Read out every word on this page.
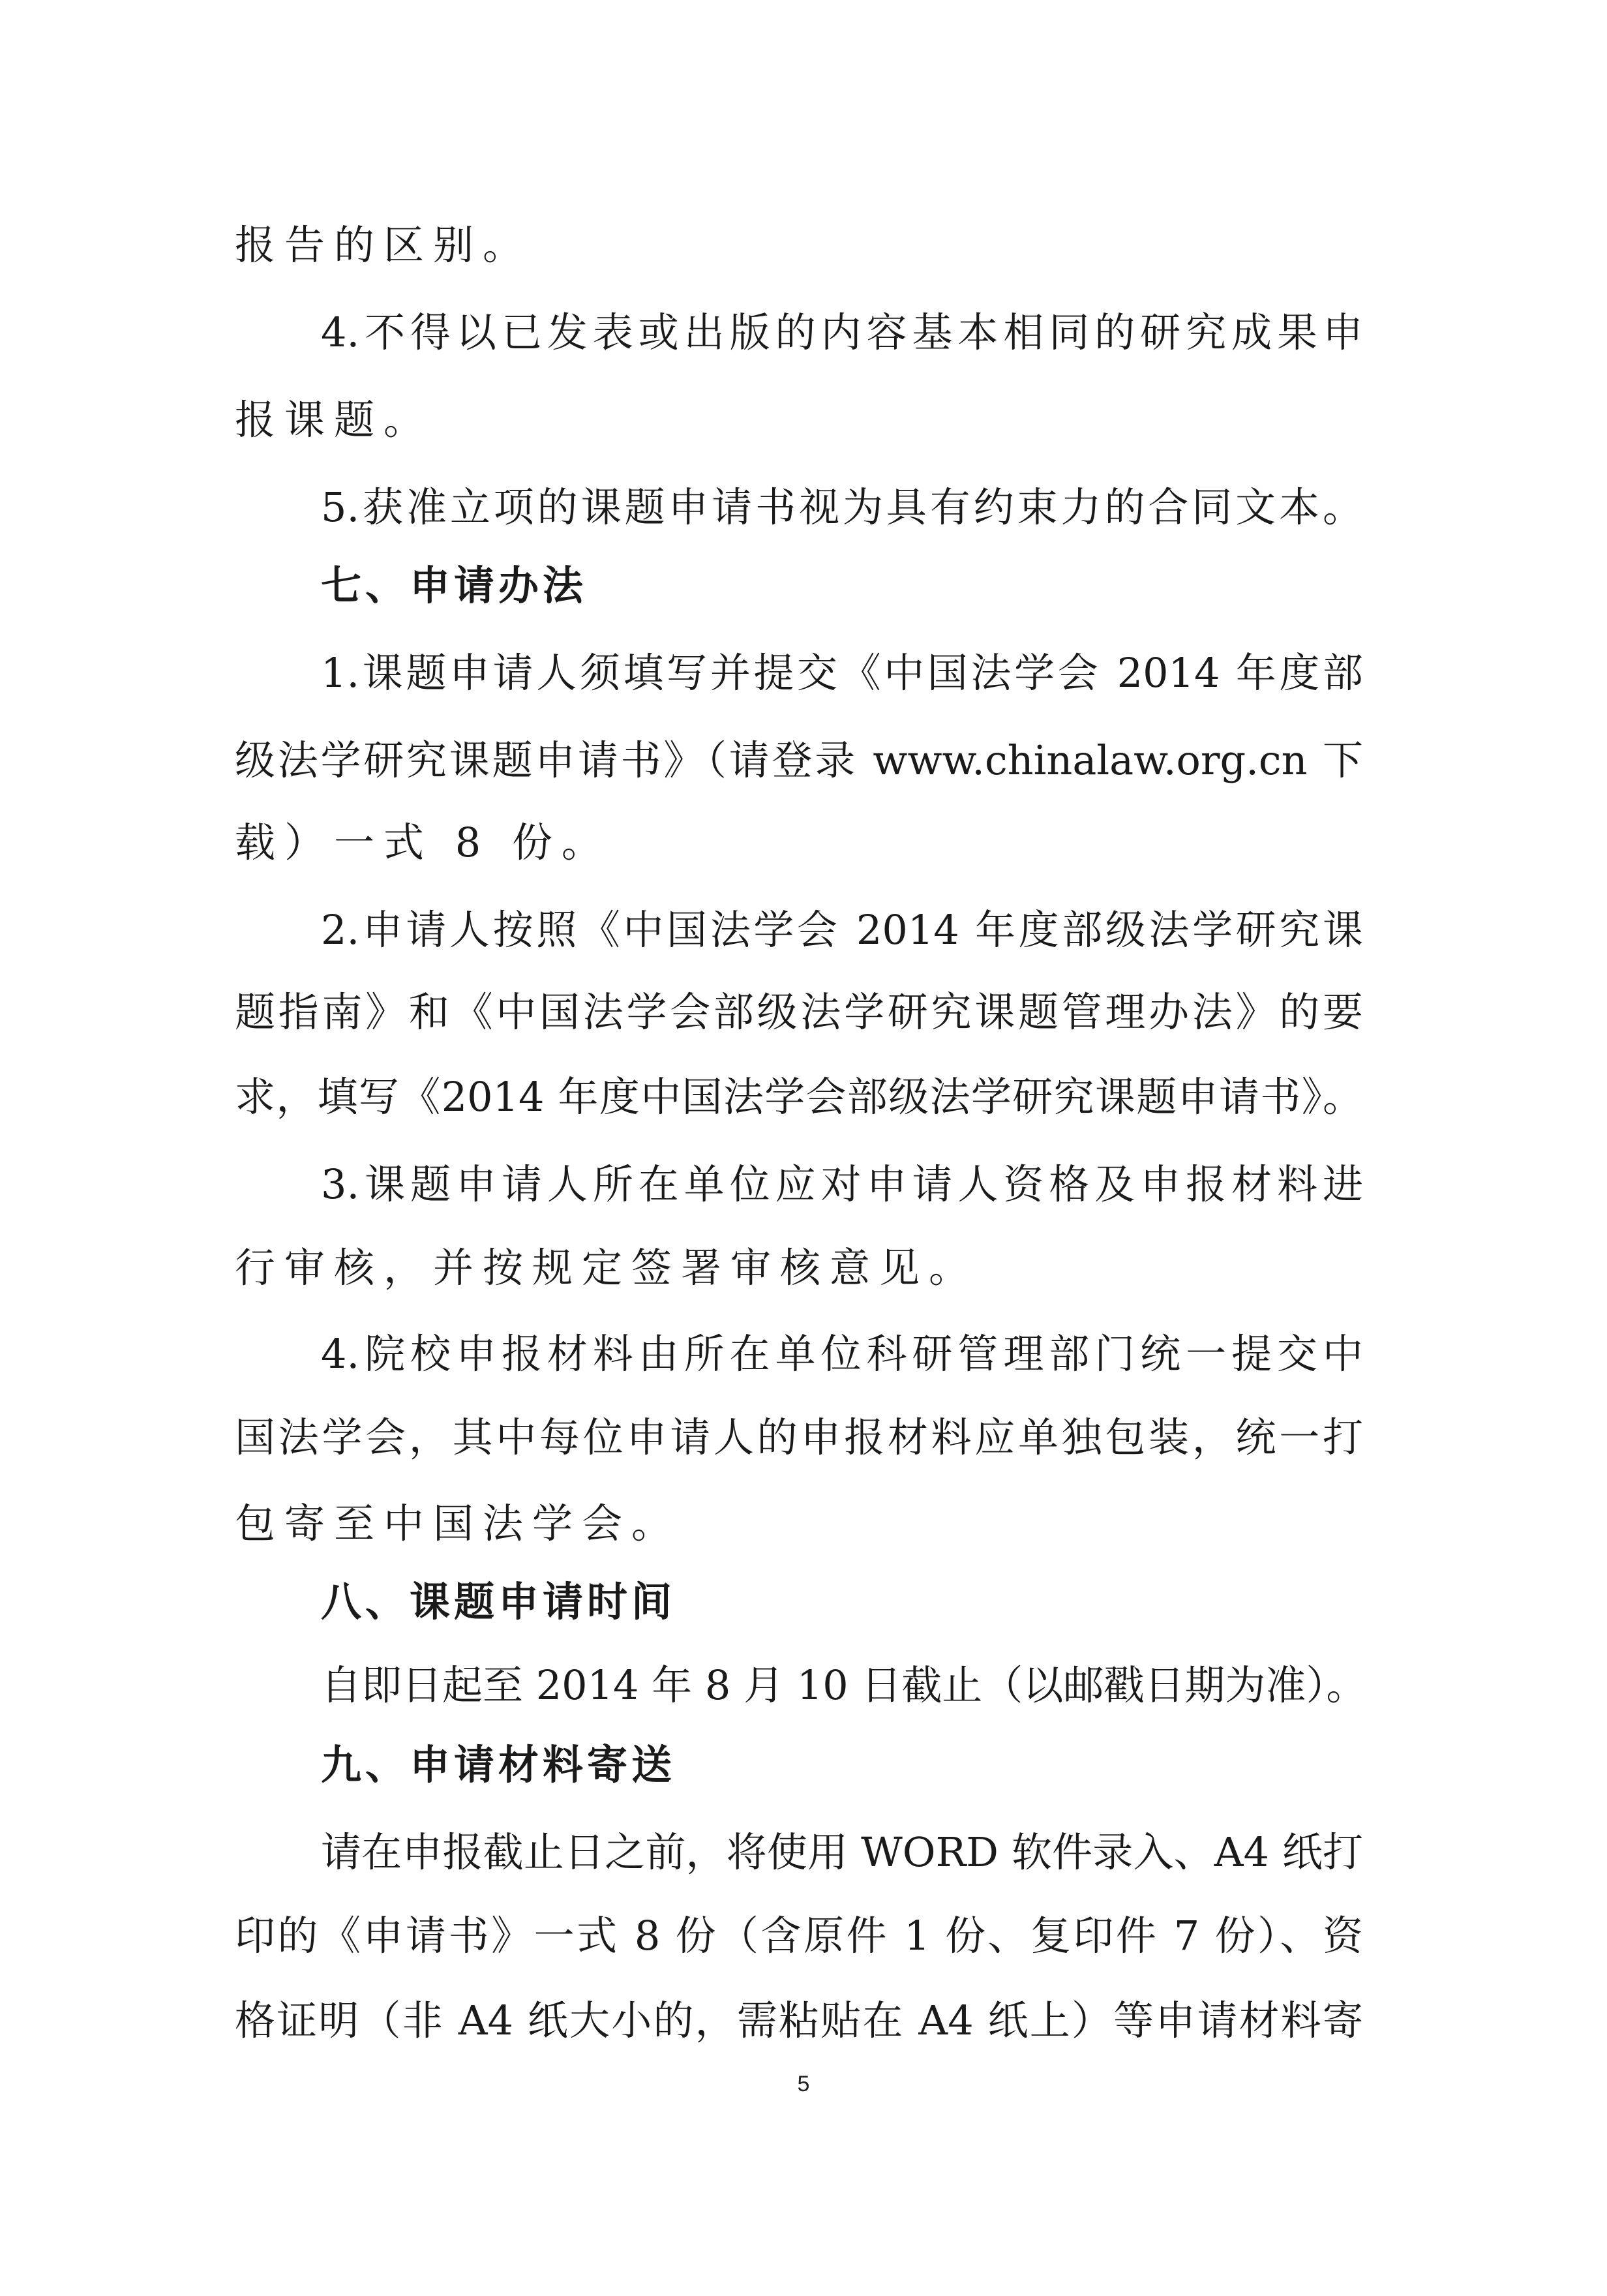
报告的区别。
4.不得以已发表或出版的内容基本相同的研究成果申
报课题。
5.获准立项的课题申请书视为具有约束力的合同文本。
七、申请办法
1.课题申请人须填写并提交《中国法学会 2014 年度部
级法学研究课题申请书》（请登录 www.chinalaw.org.cn 下
载）一式 8 份。
2.申请人按照《中国法学会 2014 年度部级法学研究课
题指南》和《中国法学会部级法学研究课题管理办法》的要
求，填写《2014 年度中国法学会部级法学研究课题申请书》。
3.课题申请人所在单位应对申请人资格及申报材料进
行审核，并按规定签署审核意见。
4.院校申报材料由所在单位科研管理部门统一提交中
国法学会，其中每位申请人的申报材料应单独包装，统一打
包寄至中国法学会。
八、课题申请时间
自即日起至 2014 年 8 月 10 日截止（以邮戳日期为准）。
九、申请材料寄送
请在申报截止日之前，将使用 WORD 软件录入、A4 纸打
印的《申请书》一式 8 份（含原件 1 份、复印件 7 份）、资
格证明（非 A4 纸大小的，需粘贴在 A4 纸上）等申请材料寄
5
